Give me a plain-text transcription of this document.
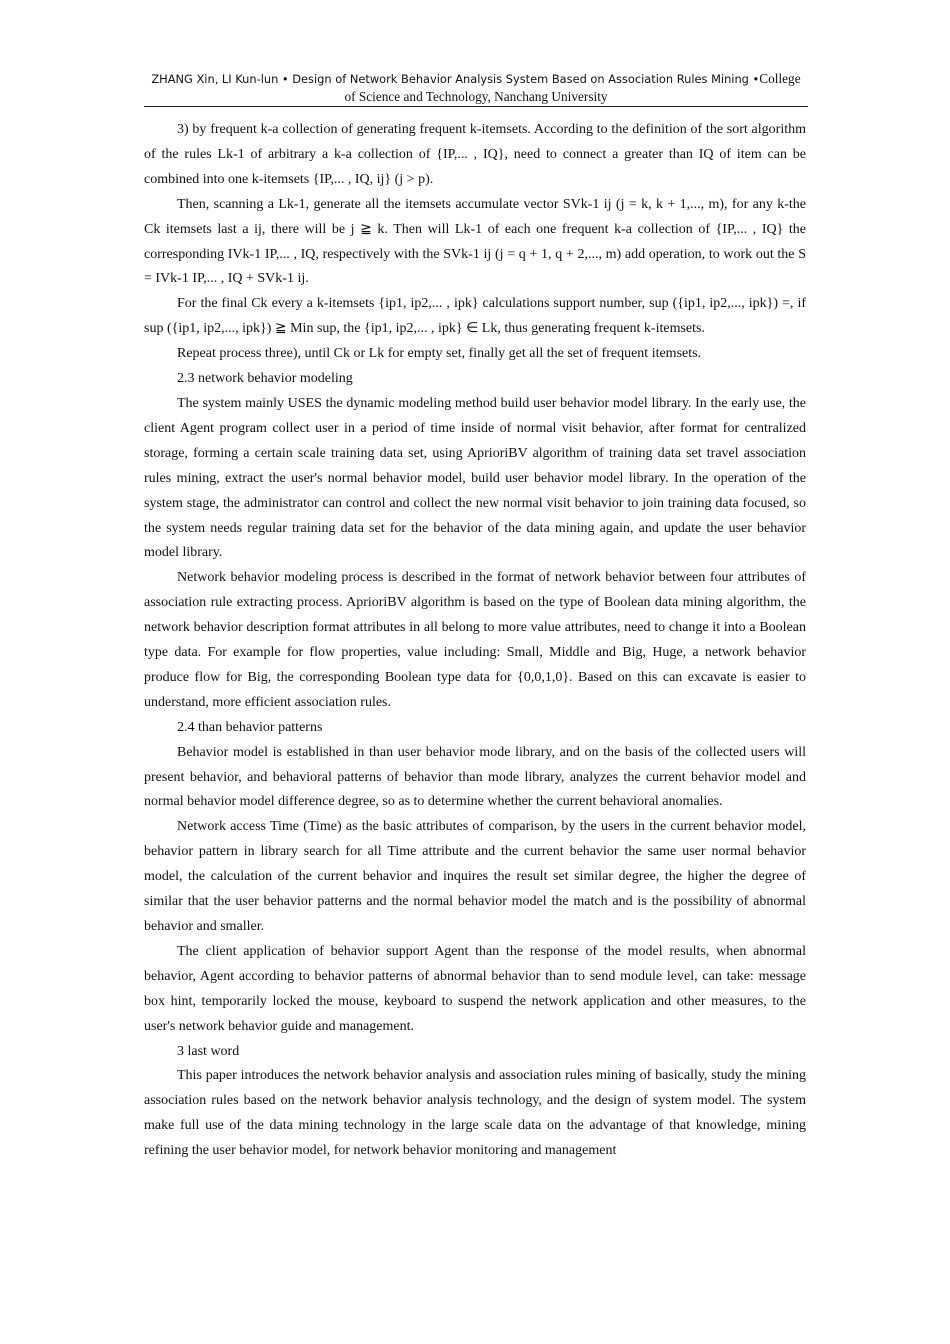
ZHANG Xin, LI Kun-lun • Design of Network Behavior Analysis System Based on Association Rules Mining •College
of Science and Technology, Nanchang University

3) by frequent k-a collection of generating frequent k-itemsets. According to the definition of the sort algorithm of the rules Lk-1 of arbitrary a k-a collection of {IP,... , IQ}, need to connect a greater than IQ of item can be combined into one k-itemsets {IP,... , IQ, ij} (j > p).

Then, scanning a Lk-1, generate all the itemsets accumulate vector SVk-1 ij (j = k, k + 1,..., m), for any k-the Ck itemsets last a ij, there will be j ≧ k. Then will Lk-1 of each one frequent k-a collection of {IP,... , IQ} the corresponding IVk-1 IP,... , IQ, respectively with the SVk-1 ij (j = q + 1, q + 2,..., m) add operation, to work out the S = IVk-1 IP,... , IQ + SVk-1 ij.

For the final Ck every a k-itemsets {ip1, ip2,... , ipk} calculations support number, sup ({ip1, ip2,..., ipk}) =, if sup ({ip1, ip2,..., ipk}) ≧ Min sup, the {ip1, ip2,... , ipk} ∈ Lk, thus generating frequent k-itemsets.

Repeat process three), until Ck or Lk for empty set, finally get all the set of frequent itemsets.

2.3 network behavior modeling

The system mainly USES the dynamic modeling method build user behavior model library. In the early use, the client Agent program collect user in a period of time inside of normal visit behavior, after format for centralized storage, forming a certain scale training data set, using AprioriBV algorithm of training data set travel association rules mining, extract the user's normal behavior model, build user behavior model library. In the operation of the system stage, the administrator can control and collect the new normal visit behavior to join training data focused, so the system needs regular training data set for the behavior of the data mining again, and update the user behavior model library.

Network behavior modeling process is described in the format of network behavior between four attributes of association rule extracting process. AprioriBV algorithm is based on the type of Boolean data mining algorithm, the network behavior description format attributes in all belong to more value attributes, need to change it into a Boolean type data. For example for flow properties, value including: Small, Middle and Big, Huge, a network behavior produce flow for Big, the corresponding Boolean type data for {0,0,1,0}. Based on this can excavate is easier to understand, more efficient association rules.

2.4 than behavior patterns

Behavior model is established in than user behavior mode library, and on the basis of the collected users will present behavior, and behavioral patterns of behavior than mode library, analyzes the current behavior model and normal behavior model difference degree, so as to determine whether the current behavioral anomalies.

Network access Time (Time) as the basic attributes of comparison, by the users in the current behavior model, behavior pattern in library search for all Time attribute and the current behavior the same user normal behavior model, the calculation of the current behavior and inquires the result set similar degree, the higher the degree of similar that the user behavior patterns and the normal behavior model the match and is the possibility of abnormal behavior and smaller.

The client application of behavior support Agent than the response of the model results, when abnormal behavior, Agent according to behavior patterns of abnormal behavior than to send module level, can take: message box hint, temporarily locked the mouse, keyboard to suspend the network application and other measures, to the user's network behavior guide and management.

3 last word

This paper introduces the network behavior analysis and association rules mining of basically, study the mining association rules based on the network behavior analysis technology, and the design of system model. The system make full use of the data mining technology in the large scale data on the advantage of that knowledge, mining refining the user behavior model, for network behavior monitoring and management
